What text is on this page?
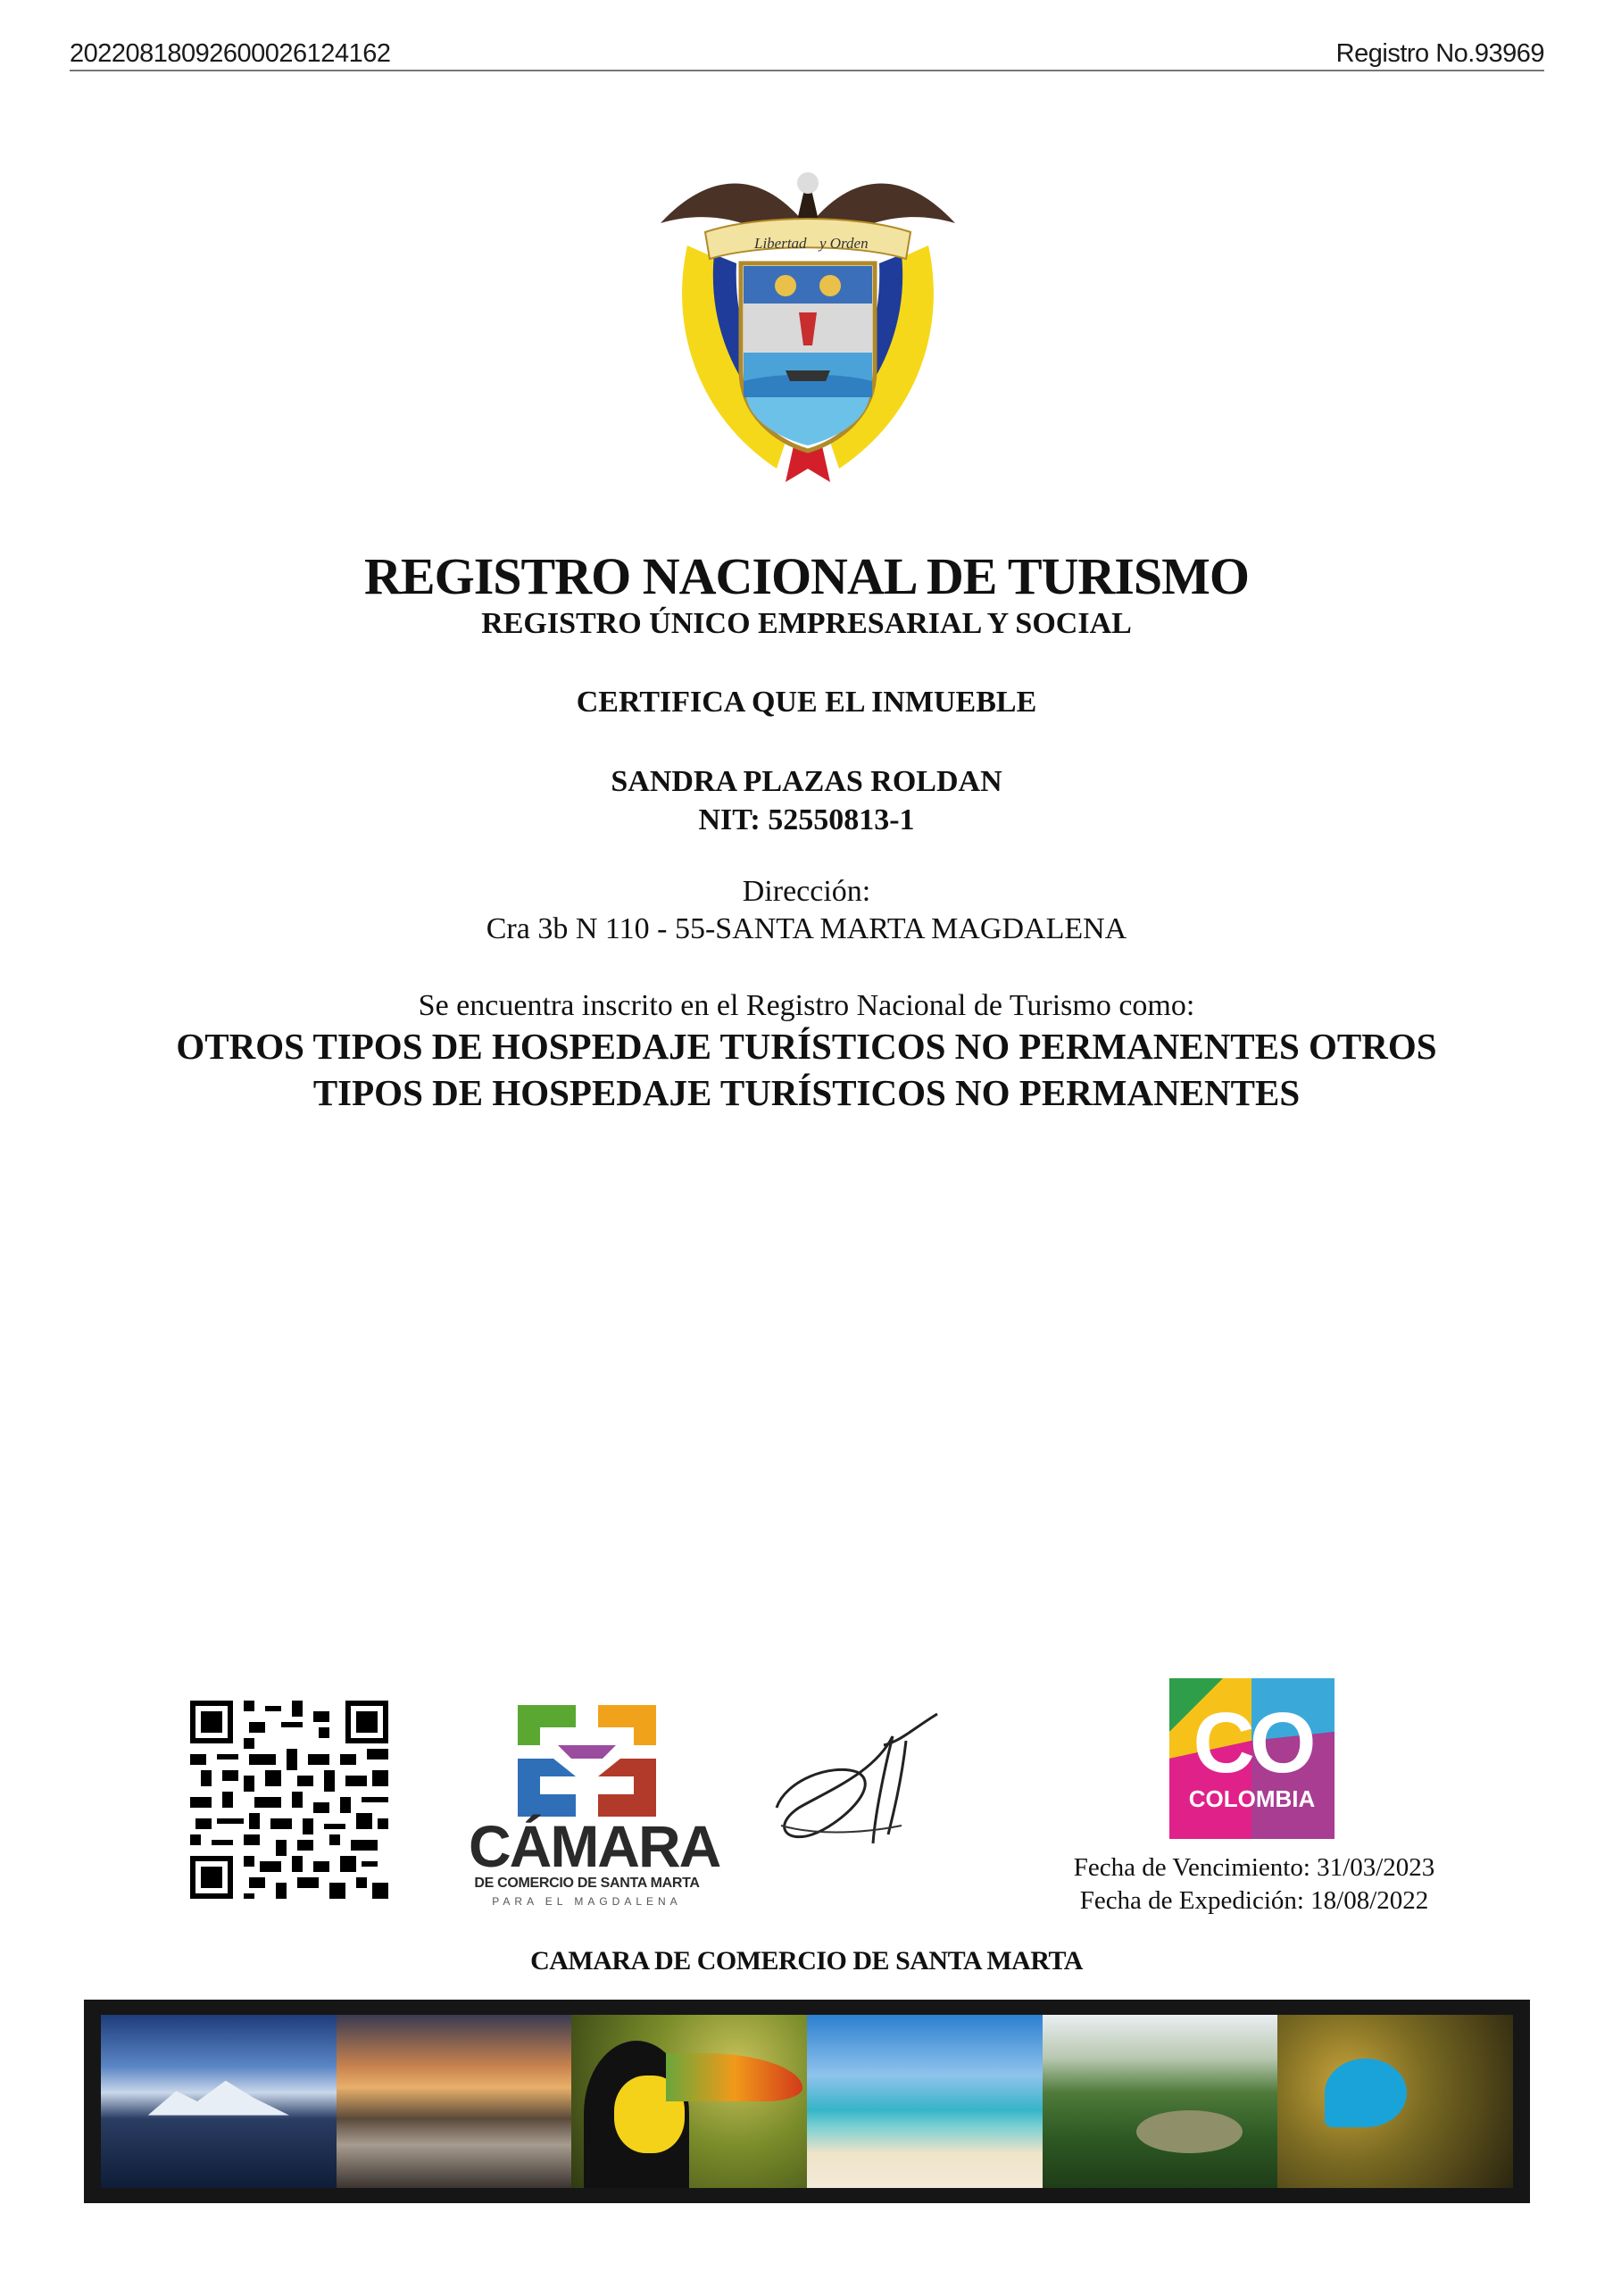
20220818092600026124162	Registro No.93969
Libertad y Orden
REGISTRO NACIONAL DE TURISMO
REGISTRO ÚNICO EMPRESARIAL Y SOCIAL
CERTIFICA QUE EL INMUEBLE
SANDRA PLAZAS ROLDAN
NIT: 52550813-1
Dirección:
Cra 3b N 110 - 55-SANTA MARTA MAGDALENA
Se encuentra inscrito en el Registro Nacional de Turismo como:
OTROS TIPOS DE HOSPEDAJE TURÍSTICOS NO PERMANENTES OTROS
TIPOS DE HOSPEDAJE TURÍSTICOS NO PERMANENTES
CÁMARA
DE COMERCIO DE SANTA MARTA
PARA EL MAGDALENA
CO
COLOMBIA
Fecha de Vencimiento: 31/03/2023
Fecha de Expedición: 18/08/2022
CAMARA DE COMERCIO DE SANTA MARTA
